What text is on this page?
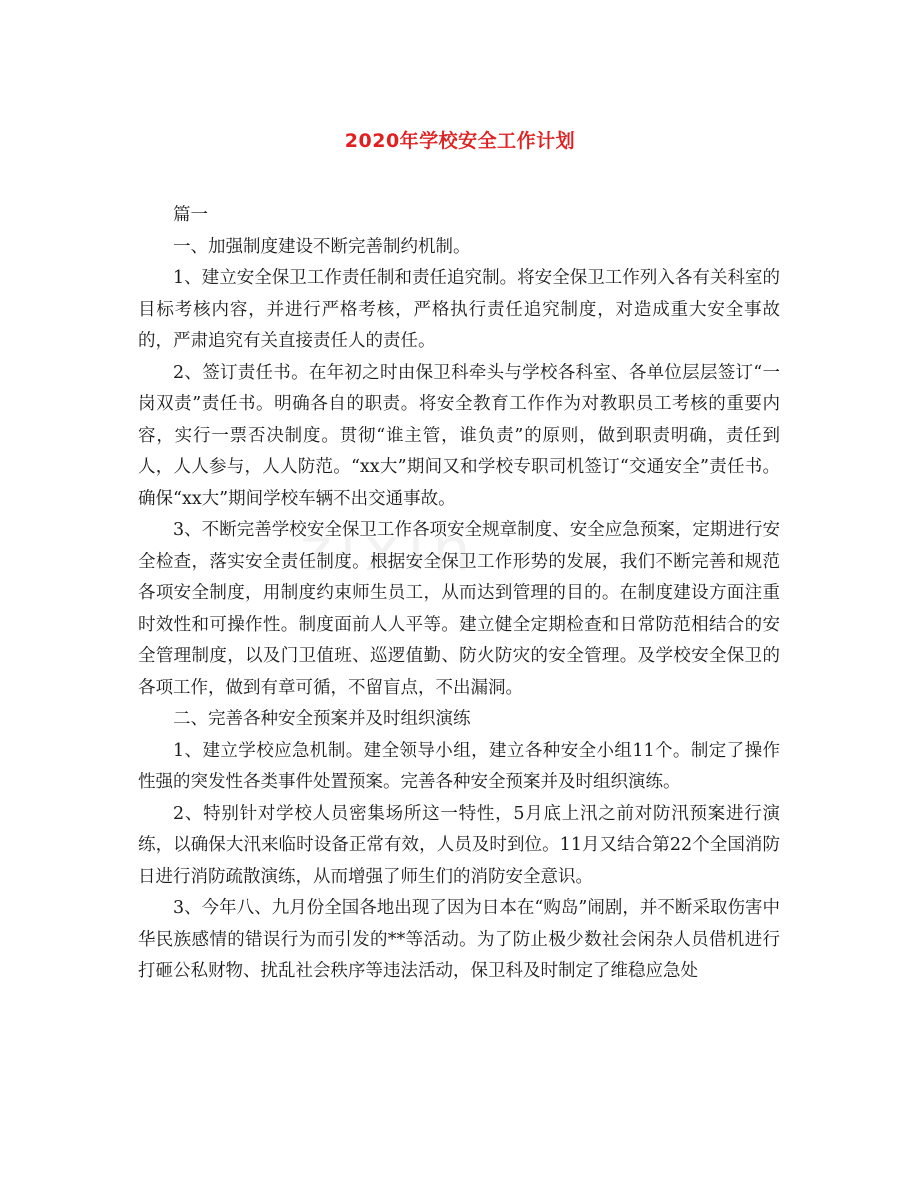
zixin
2020年学校安全工作计划

篇一

一、加强制度建设不断完善制约机制。

1、建立安全保卫工作责任制和责任追究制。将安全保卫工作列入各有关科室的目标考核内容，并进行严格考核，严格执行责任追究制度，对造成重大安全事故的，严肃追究有关直接责任人的责任。

2、签订责任书。在年初之时由保卫科牵头与学校各科室、各单位层层签订“一岗双责”责任书。明确各自的职责。将安全教育工作作为对教职员工考核的重要内容，实行一票否决制度。贯彻“谁主管，谁负责”的原则，做到职责明确，责任到人，人人参与，人人防范。“xx大”期间又和学校专职司机签订“交通安全”责任书。确保“xx大”期间学校车辆不出交通事故。

3、不断完善学校安全保卫工作各项安全规章制度、安全应急预案，定期进行安全检查，落实安全责任制度。根据安全保卫工作形势的发展，我们不断完善和规范各项安全制度，用制度约束师生员工，从而达到管理的目的。在制度建设方面注重时效性和可操作性。制度面前人人平等。建立健全定期检查和日常防范相结合的安全管理制度，以及门卫值班、巡逻值勤、防火防灾的安全管理。及学校安全保卫的各项工作，做到有章可循，不留盲点，不出漏洞。

二、完善各种安全预案并及时组织演练

1、建立学校应急机制。建全领导小组，建立各种安全小组11个。制定了操作性强的突发性各类事件处置预案。完善各种安全预案并及时组织演练。

2、特别针对学校人员密集场所这一特性，5月底上汛之前对防汛预案进行演练，以确保大汛来临时设备正常有效，人员及时到位。11月又结合第22个全国消防日进行消防疏散演练，从而增强了师生们的消防安全意识。

3、今年八、九月份全国各地出现了因为日本在“购岛”闹剧，并不断采取伤害中华民族感情的错误行为而引发的**等活动。为了防止极少数社会闲杂人员借机进行打砸公私财物、扰乱社会秩序等违法活动，保卫科及时制定了维稳应急处
